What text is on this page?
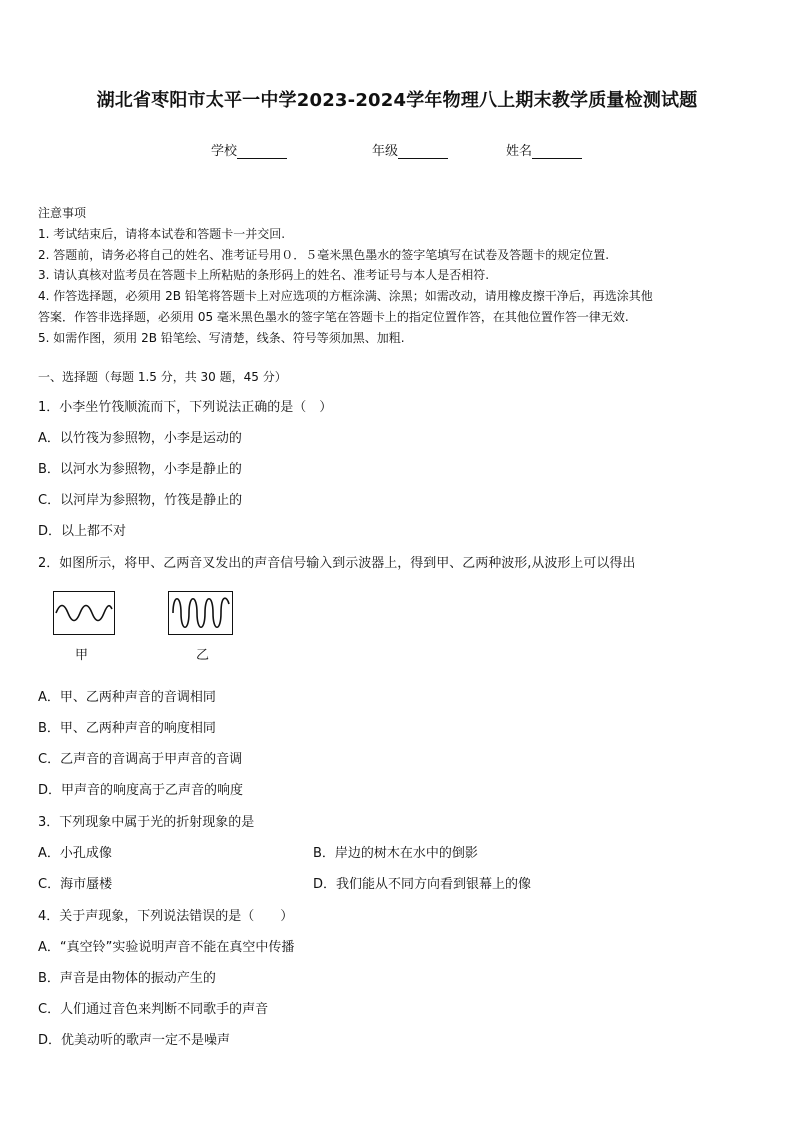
湖北省枣阳市太平一中学2023-2024学年物理八上期末教学质量检测试题
学校	年级	姓名
注意事项
1. 考试结束后，请将本试卷和答题卡一并交回.
2. 答题前，请务必将自己的姓名、准考证号用０．５毫米黑色墨水的签字笔填写在试卷及答题卡的规定位置.
3. 请认真核对监考员在答题卡上所粘贴的条形码上的姓名、准考证号与本人是否相符.
4. 作答选择题，必须用 2B 铅笔将答题卡上对应选项的方框涂满、涂黑；如需改动，请用橡皮擦干净后，再选涂其他
答案．作答非选择题，必须用 05 毫米黑色墨水的签字笔在答题卡上的指定位置作答，在其他位置作答一律无效.
5. 如需作图，须用 2B 铅笔绘、写清楚，线条、符号等须加黑、加粗.
一、选择题（每题 1.5 分，共 30 题，45 分）
1．小李坐竹筏顺流而下，下列说法正确的是（　）
A．以竹筏为参照物，小李是运动的
B．以河水为参照物，小李是静止的
C．以河岸为参照物，竹筏是静止的
D．以上都不对
2．如图所示，将甲、乙两音叉发出的声音信号输入到示波器上，得到甲、乙两种波形,从波形上可以得出
甲	乙
A．甲、乙两种声音的音调相同
B．甲、乙两种声音的响度相同
C．乙声音的音调高于甲声音的音调
D．甲声音的响度高于乙声音的响度
3．下列现象中属于光的折射现象的是
A．小孔成像	B．岸边的树木在水中的倒影
C．海市蜃楼	D．我们能从不同方向看到银幕上的像
4．关于声现象，下列说法错误的是（　　）
A．“真空铃”实验说明声音不能在真空中传播
B．声音是由物体的振动产生的
C．人们通过音色来判断不同歌手的声音
D．优美动听的歌声一定不是噪声
